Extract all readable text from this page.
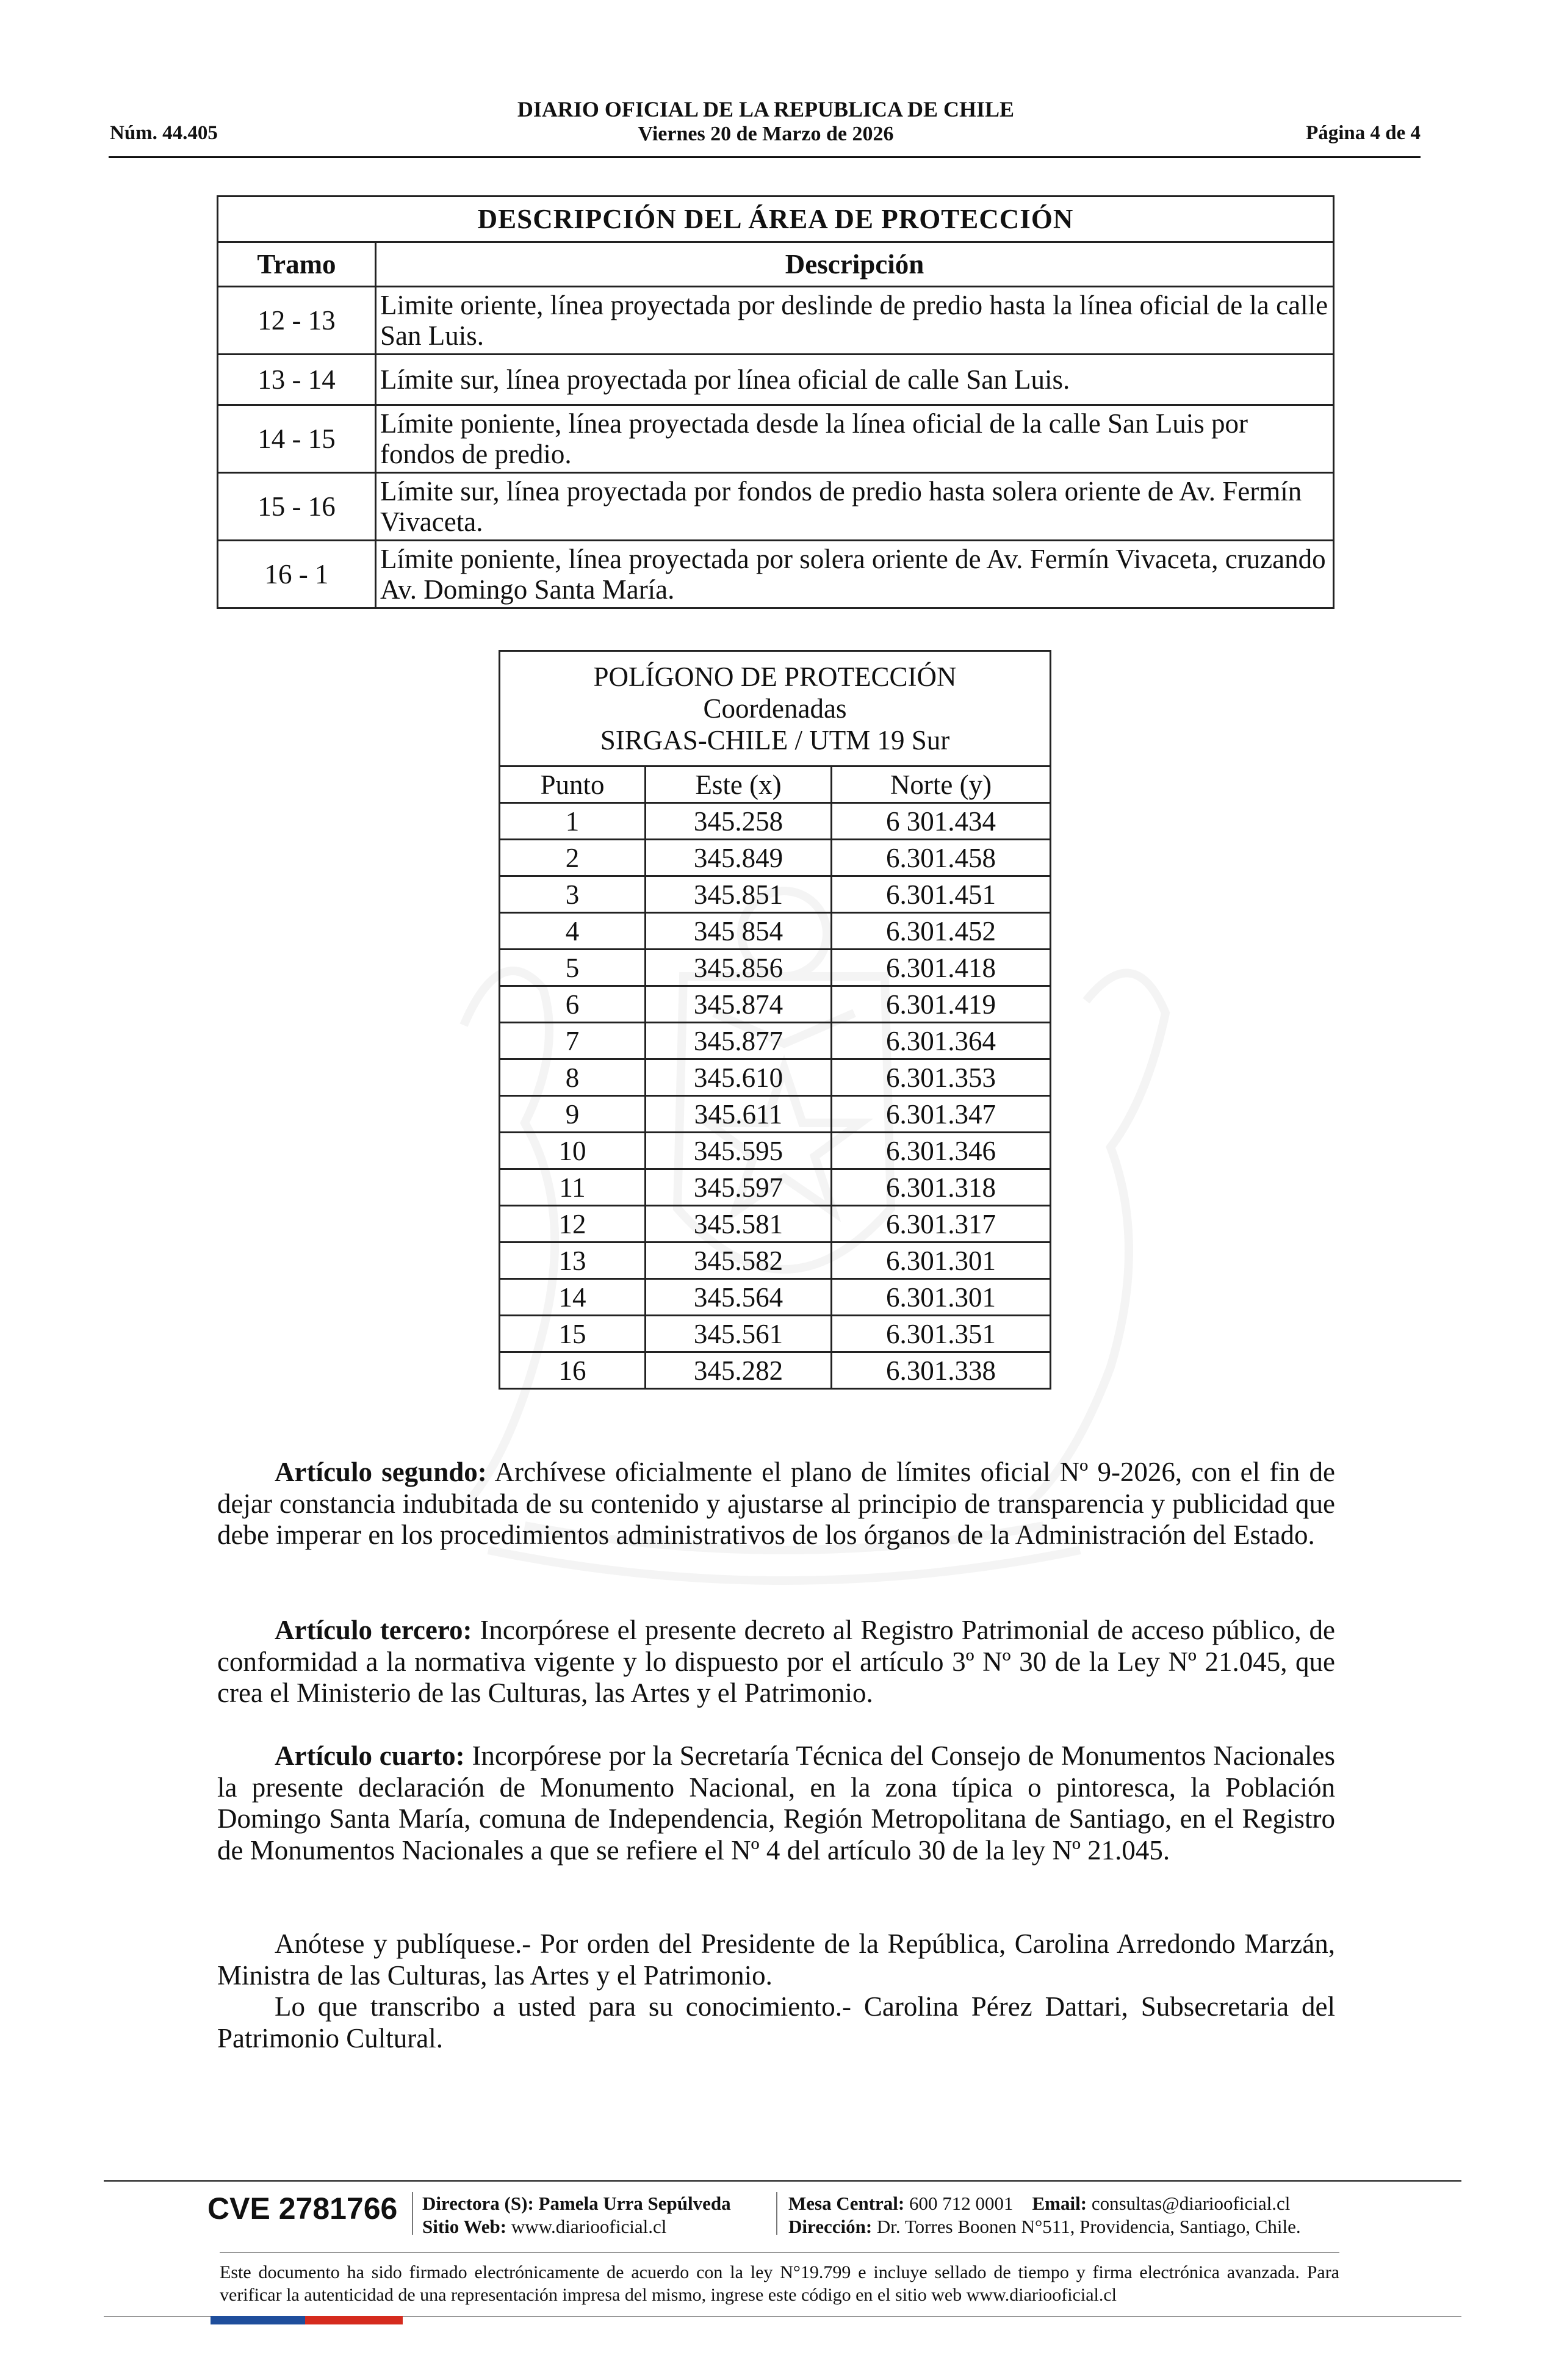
Núm. 44.405
DIARIO OFICIAL DE LA REPUBLICA DE CHILE
Viernes 20 de Marzo de 2026	Página 4 de 4
DESCRIPCIÓN DEL ÁREA DE PROTECCIÓN	
Tramo	Descripción
12 - 13	Limite oriente, línea proyectada por deslinde de predio hasta la línea oficial de la calle San Luis.
13 - 14	Límite sur, línea proyectada por línea oficial de calle San Luis.
14 - 15	Límite poniente, línea proyectada desde la línea oficial de la calle San Luis por fondos de predio.
15 - 16	Límite sur, línea proyectada por fondos de predio hasta solera oriente de Av. Fermín Vivaceta.
16 - 1	Límite poniente, línea proyectada por solera oriente de Av. Fermín Vivaceta, cruzando Av. Domingo Santa María.
POLÍGONO DE PROTECCIÓN
Coordenadas
SIRGAS-CHILE / UTM 19 Sur		

Punto	Este (x)	Norte (y)
1	345.258	6 301.434
2	345.849	6.301.458
3	345.851	6.301.451
4	345 854	6.301.452
5	345.856	6.301.418
6	345.874	6.301.419
7	345.877	6.301.364
8	345.610	6.301.353
9	345.611	6.301.347
10	345.595	6.301.346
11	345.597	6.301.318
12	345.581	6.301.317
13	345.582	6.301.301
14	345.564	6.301.301
15	345.561	6.301.351
16	345.282	6.301.338

Artículo segundo: Archívese oficialmente el plano de límites oficial Nº 9-2026, con el fin de dejar constancia indubitada de su contenido y ajustarse al principio de transparencia y publicidad que debe imperar en los procedimientos administrativos de los órganos de la Administración del Estado.

Artículo tercero: Incorpórese el presente decreto al Registro Patrimonial de acceso público, de conformidad a la normativa vigente y lo dispuesto por el artículo 3º Nº 30 de la Ley Nº 21.045, que crea el Ministerio de las Culturas, las Artes y el Patrimonio.

Artículo cuarto: Incorpórese por la Secretaría Técnica del Consejo de Monumentos Nacionales la presente declaración de Monumento Nacional, en la zona típica o pintoresca, la Población Domingo Santa María, comuna de Independencia, Región Metropolitana de Santiago, en el Registro de Monumentos Nacionales a que se refiere el Nº 4 del artículo 30 de la ley Nº 21.045.

Anótese y publíquese.- Por orden del Presidente de la República, Carolina Arredondo Marzán, Ministra de las Culturas, las Artes y el Patrimonio.

Lo que transcribo a usted para su conocimiento.- Carolina Pérez Dattari, Subsecretaria del Patrimonio Cultural.

CVE 2781766 Directora (S): Pamela Urra Sepúlveda
Sitio Web: www.diariooficial.cl
Mesa Central: 600 712 0001 Email: consultas@diariooficial.cl
Dirección: Dr. Torres Boonen N°511, Providencia, Santiago, Chile.
Este documento ha sido firmado electrónicamente de acuerdo con la ley N°19.799 e incluye sellado de tiempo y firma electrónica avanzada. Para verificar la autenticidad de una representación impresa del mismo, ingrese este código en el sitio web www.diariooficial.cl
